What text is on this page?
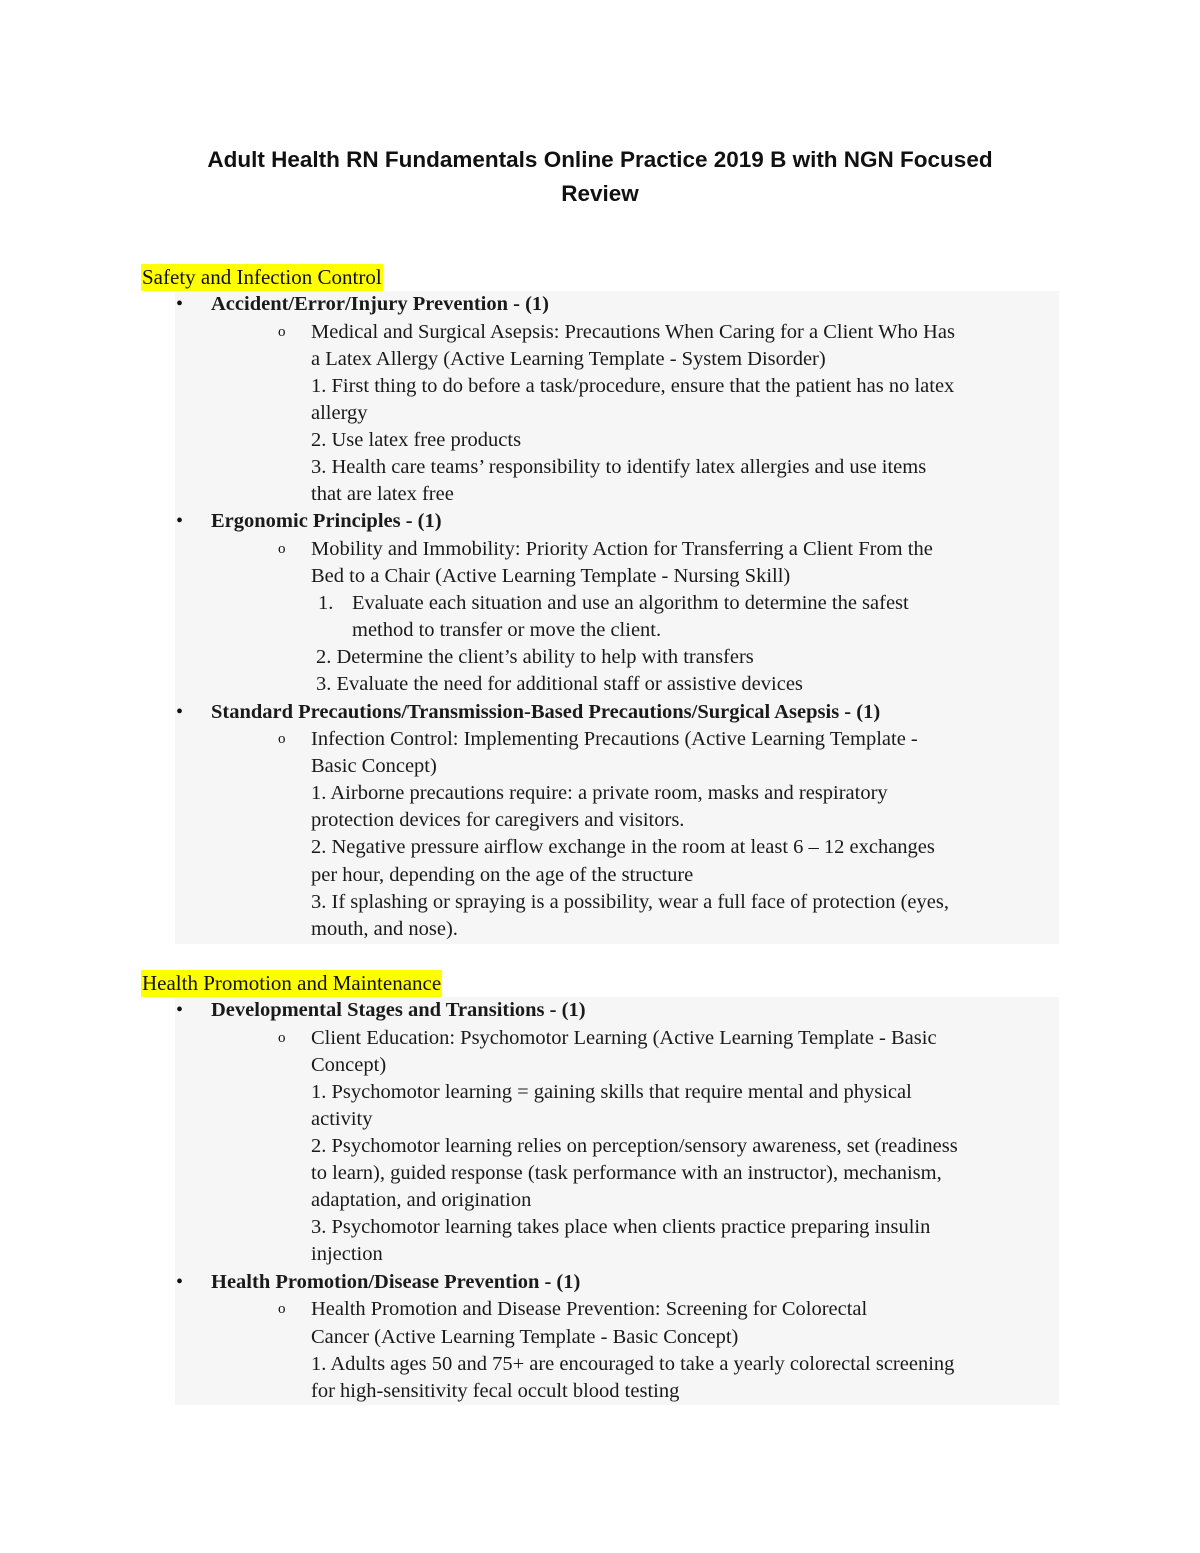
Adult Health RN Fundamentals Online Practice 2019 B with NGN Focused
Review
Safety and Infection Control
• Accident/Error/Injury Prevention - (1)
o Medical and Surgical Asepsis: Precautions When Caring for a Client Who Has
a Latex Allergy (Active Learning Template - System Disorder)
1. First thing to do before a task/procedure, ensure that the patient has no latex
allergy
2. Use latex free products
3. Health care teams’ responsibility to identify latex allergies and use items
that are latex free
• Ergonomic Principles - (1)
o Mobility and Immobility: Priority Action for Transferring a Client From the
Bed to a Chair (Active Learning Template - Nursing Skill)
1. Evaluate each situation and use an algorithm to determine the safest
method to transfer or move the client.
2. Determine the client’s ability to help with transfers
3. Evaluate the need for additional staff or assistive devices
• Standard Precautions/Transmission-Based Precautions/Surgical Asepsis - (1)
o Infection Control: Implementing Precautions (Active Learning Template -
Basic Concept)
1. Airborne precautions require: a private room, masks and respiratory
protection devices for caregivers and visitors.
2. Negative pressure airflow exchange in the room at least 6 – 12 exchanges
per hour, depending on the age of the structure
3. If splashing or spraying is a possibility, wear a full face of protection (eyes,
mouth, and nose).
Health Promotion and Maintenance
• Developmental Stages and Transitions - (1)
o Client Education: Psychomotor Learning (Active Learning Template - Basic
Concept)
1. Psychomotor learning = gaining skills that require mental and physical
activity
2. Psychomotor learning relies on perception/sensory awareness, set (readiness
to learn), guided response (task performance with an instructor), mechanism,
adaptation, and origination
3. Psychomotor learning takes place when clients practice preparing insulin
injection
• Health Promotion/Disease Prevention - (1)
o Health Promotion and Disease Prevention: Screening for Colorectal
Cancer (Active Learning Template - Basic Concept)
1. Adults ages 50 and 75+ are encouraged to take a yearly colorectal screening
for high-sensitivity fecal occult blood testing
